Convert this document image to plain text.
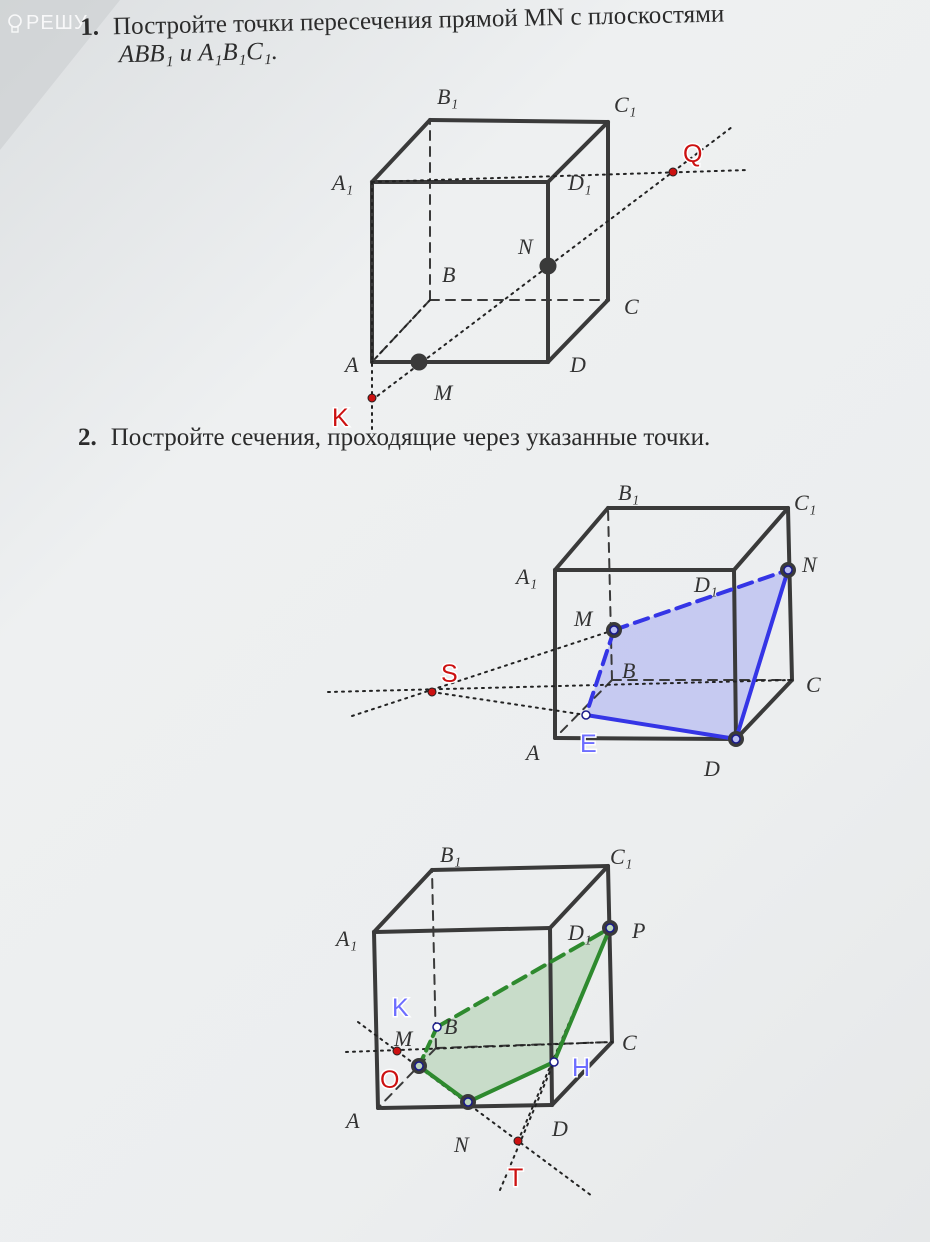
РЕШУ
1. Постройте точки пересечения прямой MN с плоскостями
ABB₁ и A₁B₁C₁.
2. Постройте сечения, проходящие через указанные точки.
B₁	C₁
A₁	D₁
N
B
C
A	D
M
Q
K
B₁	C₁
A₁	D₁
N
M
B
C
A
D
S
E
B₁	C₁
A₁	D₁ P
M B
C
A
N
D
K
O	H
T
